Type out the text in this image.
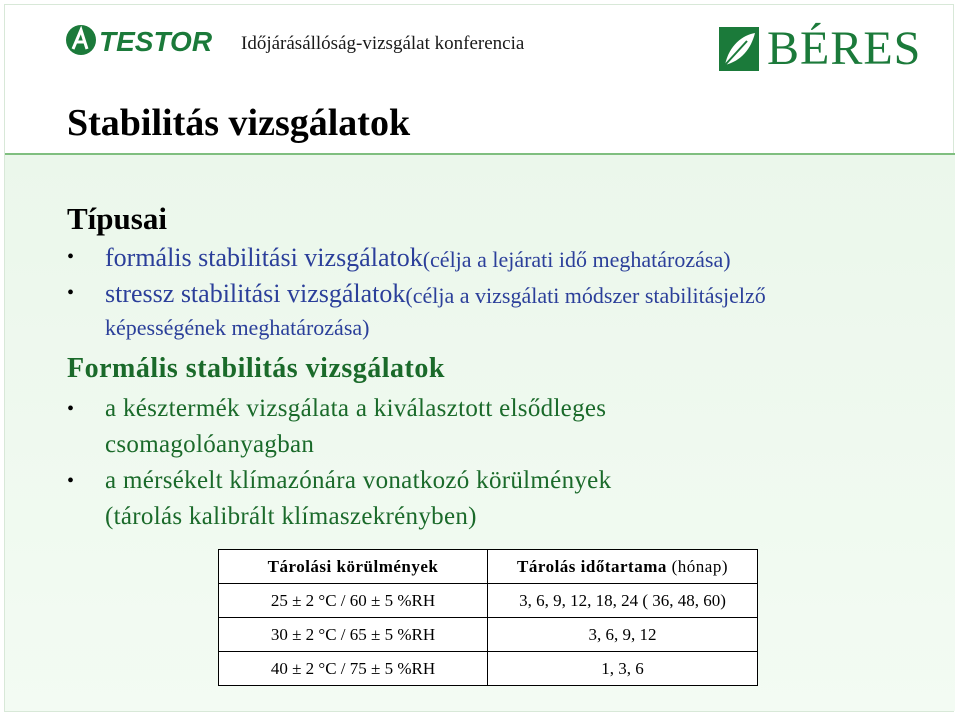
TESTOR Időjárásállóság-vizsgálat konferencia	BÉRES
Stabilitás vizsgálatok
Típusai
•	formális stabilitási vizsgálatok (célja a lejárati idő meghatározása)
•	stressz stabilitási vizsgálatok (célja a vizsgálati módszer stabilitásjelző
képességének meghatározása)
Formális stabilitás vizsgálatok
•	a késztermék vizsgálata a kiválasztott elsődleges
csomagolóanyagban
•	a mérsékelt klímazónára vonatkozó körülmények
(tárolás kalibrált klímaszekrényben)
Tárolási körülmények	Tárolás időtartama (hónap)
25 ± 2 °C / 60 ± 5 %RH	3, 6, 9, 12, 18, 24 ( 36, 48, 60)
30 ± 2 °C / 65 ± 5 %RH	3, 6, 9, 12
40 ± 2 °C / 75 ± 5 %RH	1, 3, 6
